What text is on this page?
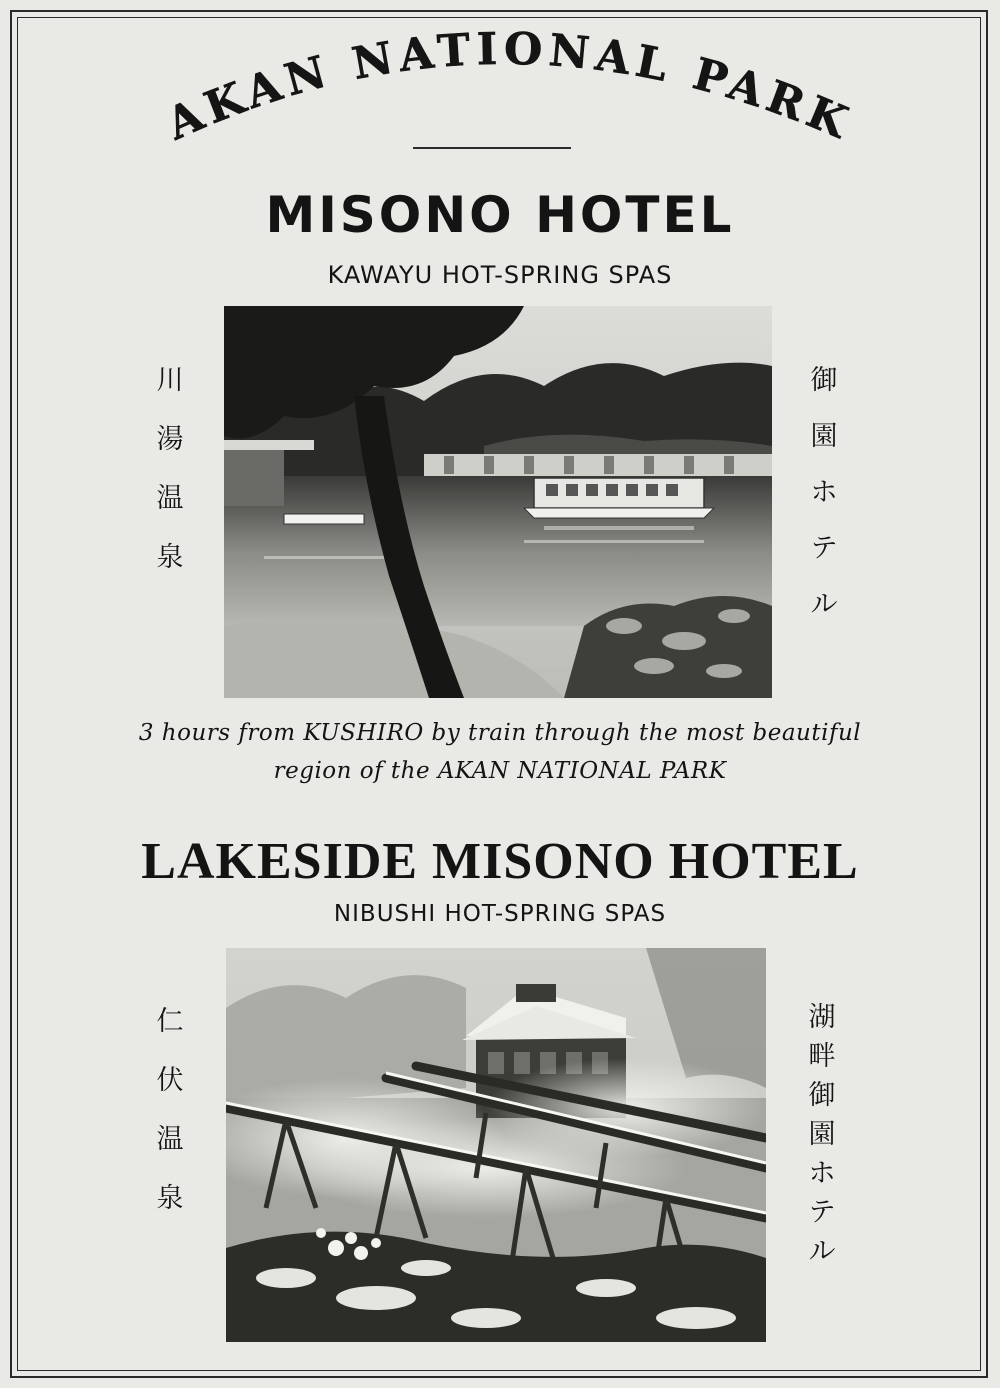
AKAN NATIONAL PARK
MISONO HOTEL
KAWAYU HOT-SPRING SPAS
川
湯
温
泉
御
園
ホ
テ
ル
3 hours from KUSHIRO by train through the most beautiful
region of the AKAN NATIONAL PARK
LAKESIDE MISONO HOTEL
NIBUSHI HOT-SPRING SPAS
仁
伏
温
泉
湖
畔
御
園
ホ
テ
ル
